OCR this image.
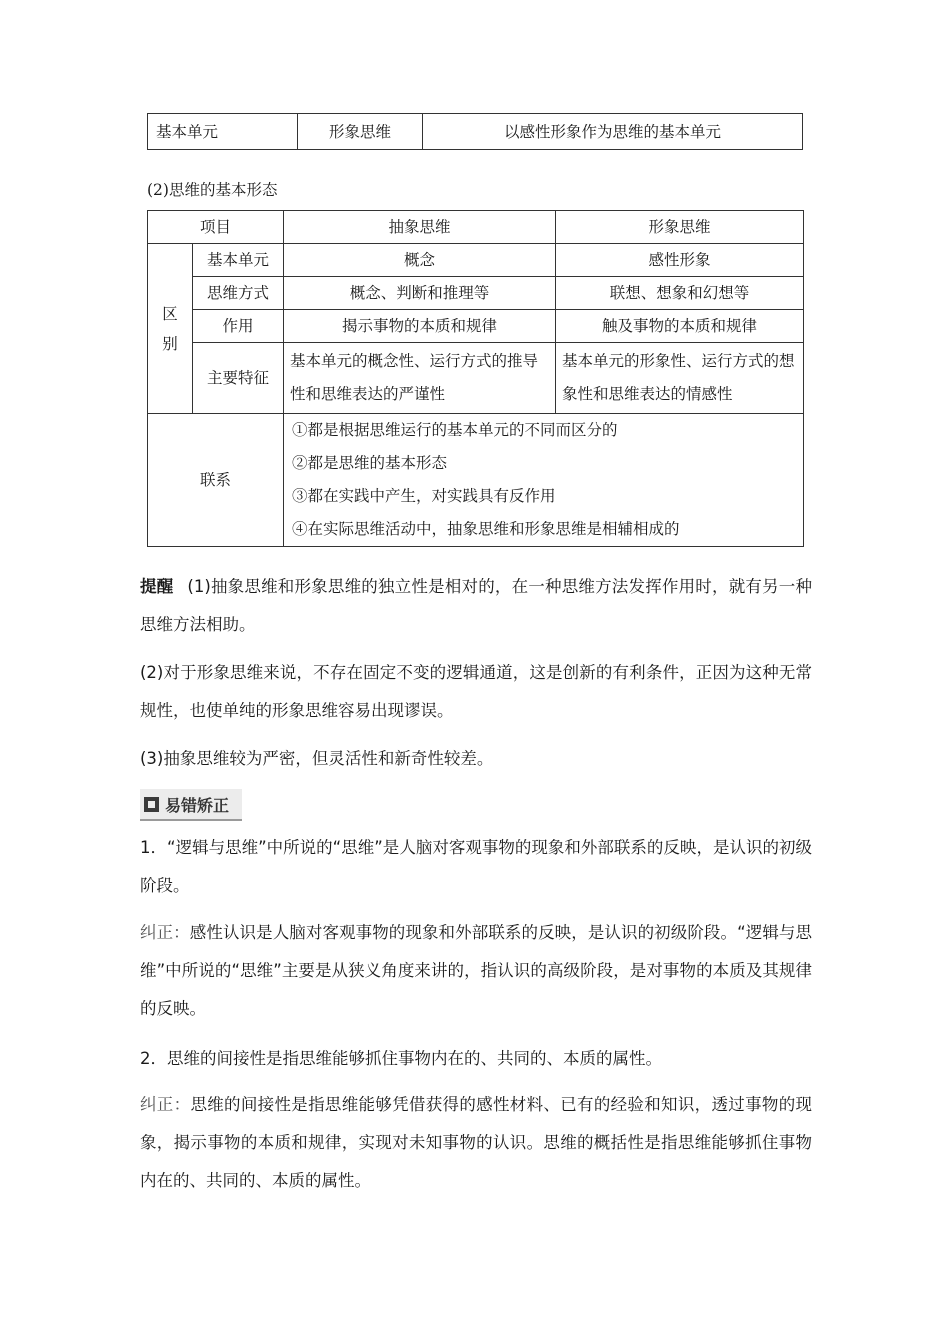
基本单元	形象思维	以感性形象作为思维的基本单元
(2)思维的基本形态
项目		抽象思维	形象思维
区别	基本单元	概念	感性形象
	思维方式	概念、判断和推理等	联想、想象和幻想等
	作用	揭示事物的本质和规律	触及事物的本质和规律
	主要特征	基本单元的概念性、运行方式的推导性和思维表达的严谨性	基本单元的形象性、运行方式的想象性和思维表达的情感性
联系		①都是根据思维运行的基本单元的不同而区分的
②都是思维的基本形态
③都在实践中产生，对实践具有反作用
④在实际思维活动中，抽象思维和形象思维是相辅相成的	
提醒 (1)抽象思维和形象思维的独立性是相对的，在一种思维方法发挥作用时，就有另一种思维方法相助。
(2)对于形象思维来说，不存在固定不变的逻辑通道，这是创新的有利条件，正因为这种无常规性，也使单纯的形象思维容易出现谬误。
(3)抽象思维较为严密，但灵活性和新奇性较差。
易错矫正
1．“逻辑与思维”中所说的“思维”是人脑对客观事物的现象和外部联系的反映，是认识的初级阶段。
纠正：感性认识是人脑对客观事物的现象和外部联系的反映，是认识的初级阶段。“逻辑与思维”中所说的“思维”主要是从狭义角度来讲的，指认识的高级阶段，是对事物的本质及其规律的反映。
2．思维的间接性是指思维能够抓住事物内在的、共同的、本质的属性。
纠正：思维的间接性是指思维能够凭借获得的感性材料、已有的经验和知识，透过事物的现象，揭示事物的本质和规律，实现对未知事物的认识。思维的概括性是指思维能够抓住事物内在的、共同的、本质的属性。
